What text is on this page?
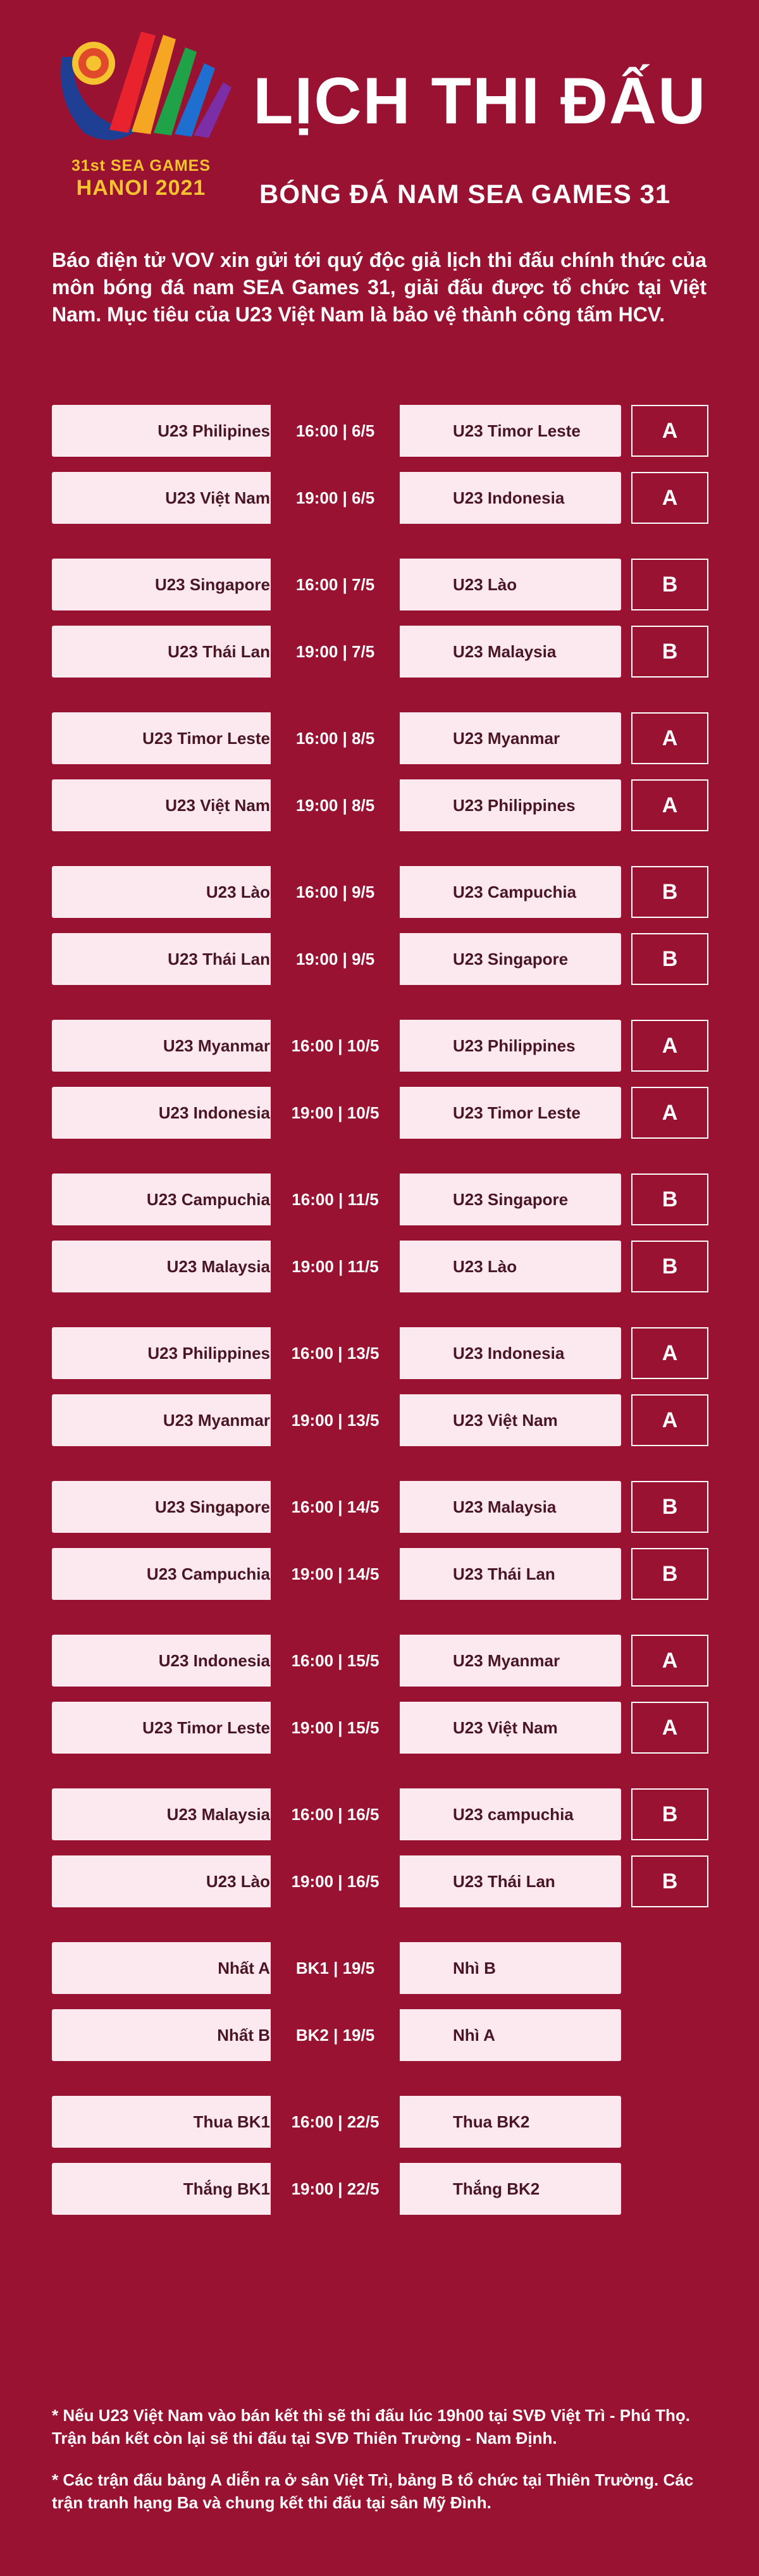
31st SEA GAMES
HANOI 2021
LỊCH THI ĐẤU
BÓNG ĐÁ NAM SEA GAMES 31
Báo điện tử VOV xin gửi tới quý độc giả lịch thi đấu chính thức của môn bóng đá nam SEA Games 31, giải đấu được tổ chức tại Việt Nam. Mục tiêu của U23 Việt Nam là bảo vệ thành công tấm HCV.
U23 Philipines	16:00 | 6/5	U23 Timor Leste	A
U23 Việt Nam	19:00 | 6/5	U23 Indonesia	A
U23 Singapore	16:00 | 7/5	U23 Lào	B
U23 Thái Lan	19:00 | 7/5	U23 Malaysia	B
U23 Timor Leste	16:00 | 8/5	U23 Myanmar	A
U23 Việt Nam	19:00 | 8/5	U23 Philippines	A
U23 Lào	16:00 | 9/5	U23 Campuchia	B
U23 Thái Lan	19:00 | 9/5	U23 Singapore	B
U23 Myanmar	16:00 | 10/5	U23 Philippines	A
U23 Indonesia	19:00 | 10/5	U23 Timor Leste	A
U23 Campuchia	16:00 | 11/5	U23 Singapore	B
U23 Malaysia	19:00 | 11/5	U23 Lào	B
U23 Philippines	16:00 | 13/5	U23 Indonesia	A
U23 Myanmar	19:00 | 13/5	U23 Việt Nam	A
U23 Singapore	16:00 | 14/5	U23 Malaysia	B
U23 Campuchia	19:00 | 14/5	U23 Thái Lan	B
U23 Indonesia	16:00 | 15/5	U23 Myanmar	A
U23 Timor Leste	19:00 | 15/5	U23 Việt Nam	A
U23 Malaysia	16:00 | 16/5	U23 campuchia	B
U23 Lào	19:00 | 16/5	U23 Thái Lan	B
Nhất A	BK1 | 19/5	Nhì B
Nhất B	BK2 | 19/5	Nhì A
Thua BK1	16:00 | 22/5	Thua BK2
Thắng BK1	19:00 | 22/5	Thắng BK2

* Nếu U23 Việt Nam vào bán kết thì sẽ thi đấu lúc 19h00 tại SVĐ Việt Trì - Phú Thọ. Trận bán kết còn lại sẽ thi đấu tại SVĐ Thiên Trường - Nam Định.

* Các trận đấu bảng A diễn ra ở sân Việt Trì, bảng B tổ chức tại Thiên Trường. Các trận tranh hạng Ba và chung kết thi đấu tại sân Mỹ Đình.
